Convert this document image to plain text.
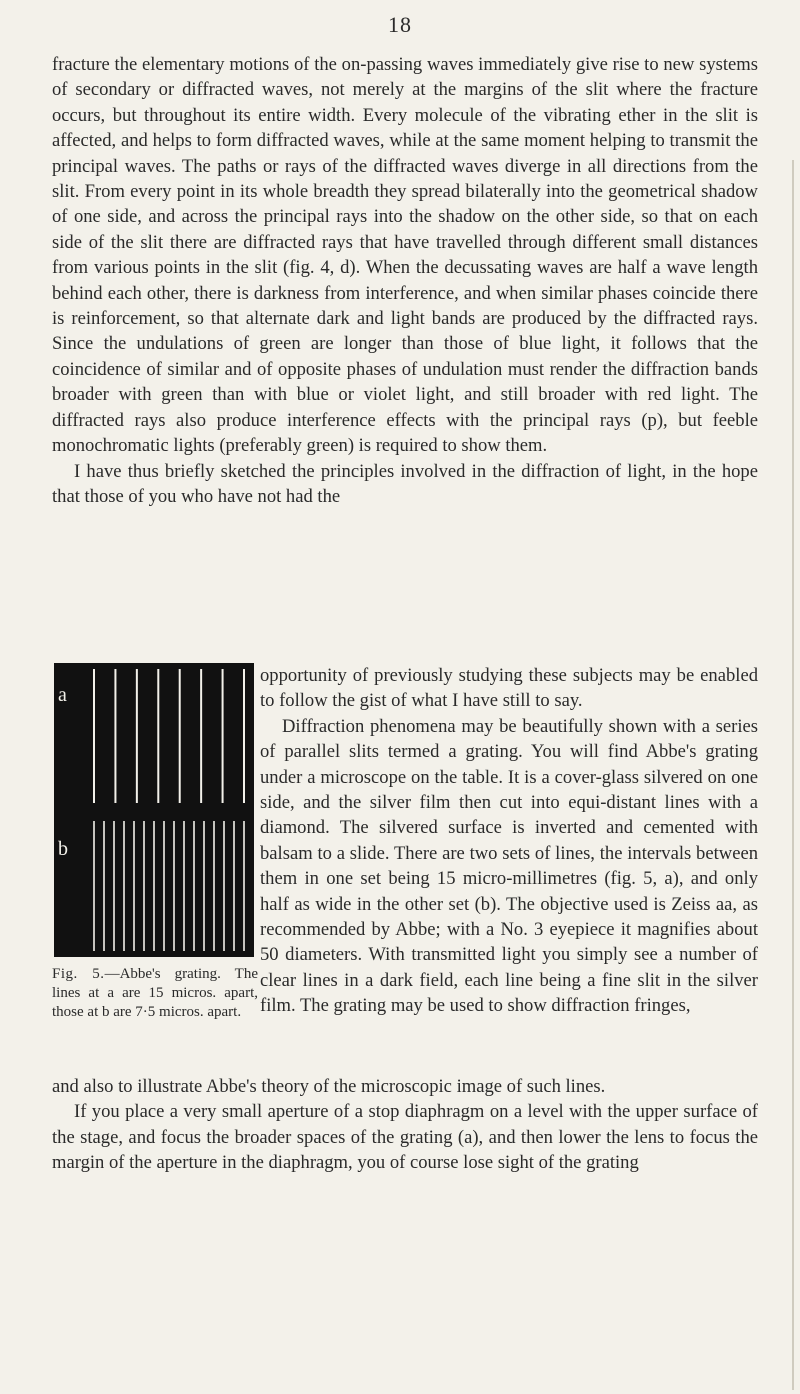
18

fracture the elementary motions of the on-passing waves immediately give rise to new systems of secondary or diffracted waves, not merely at the margins of the slit where the fracture occurs, but throughout its entire width. Every molecule of the vibrating ether in the slit is affected, and helps to form diffracted waves, while at the same moment helping to transmit the principal waves. The paths or rays of the diffracted waves diverge in all directions from the slit. From every point in its whole breadth they spread bilaterally into the geometrical shadow of one side, and across the principal rays into the shadow on the other side, so that on each side of the slit there are diffracted rays that have travelled through different small distances from various points in the slit (fig. 4, d). When the decussating waves are half a wave length behind each other, there is darkness from interference, and when similar phases coincide there is reinforcement, so that alternate dark and light bands are produced by the diffracted rays. Since the undulations of green are longer than those of blue light, it follows that the coincidence of similar and of opposite phases of undulation must render the diffraction bands broader with green than with blue or violet light, and still broader with red light. The diffracted rays also produce interference effects with the principal rays (p), but feeble monochromatic lights (preferably green) is required to show them.

I have thus briefly sketched the principles involved in the diffraction of light, in the hope that those of you who have not had the

a
b
Fig. 5.—Abbe's grating. The lines at a are 15 micros. apart, those at b are 7·5 micros. apart.

opportunity of previously studying these subjects may be enabled to follow the gist of what I have still to say.

Diffraction phenomena may be beautifully shown with a series of parallel slits termed a grating. You will find Abbe's grating under a microscope on the table. It is a cover-glass silvered on one side, and the silver film then cut into equi-distant lines with a diamond. The silvered surface is inverted and cemented with balsam to a slide. There are two sets of lines, the intervals between them in one set being 15 micro-millimetres (fig. 5, a), and only half as wide in the other set (b). The objective used is Zeiss aa, as recommended by Abbe; with a No. 3 eyepiece it magnifies about 50 diameters. With transmitted light you simply see a number of clear lines in a dark field, each line being a fine slit in the silver film. The grating may be used to show diffraction fringes,

and also to illustrate Abbe's theory of the microscopic image of such lines.

If you place a very small aperture of a stop diaphragm on a level with the upper surface of the stage, and focus the broader spaces of the grating (a), and then lower the lens to focus the margin of the aperture in the diaphragm, you of course lose sight of the grating
